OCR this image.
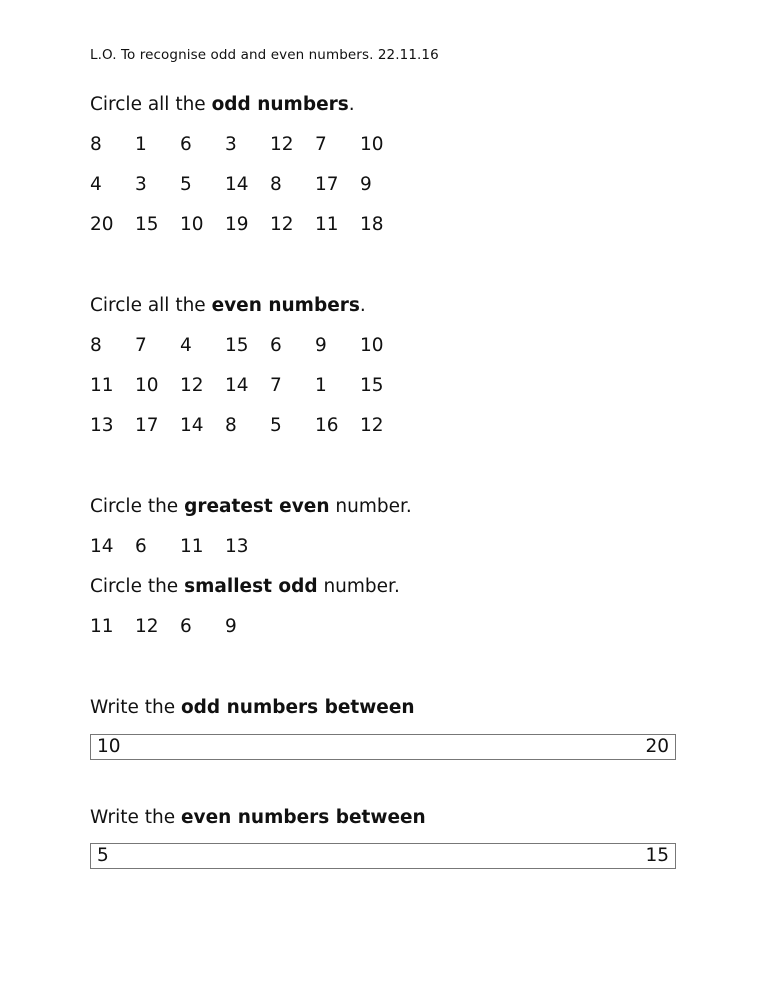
L.O. To recognise odd and even numbers. 22.11.16
Circle all the odd numbers.
8 1 6 3 12 7 10
4 3 5 14 8 17 9
20 15 10 19 12 11 18
Circle all the even numbers.
8 7 4 15 6 9 10
11 10 12 14 7 1 15
13 17 14 8 5 16 12
Circle the greatest even number.
14 6 11 13
Circle the smallest odd number.
11 12 6 9
Write the odd numbers between
10	20
Write the even numbers between
5	15
